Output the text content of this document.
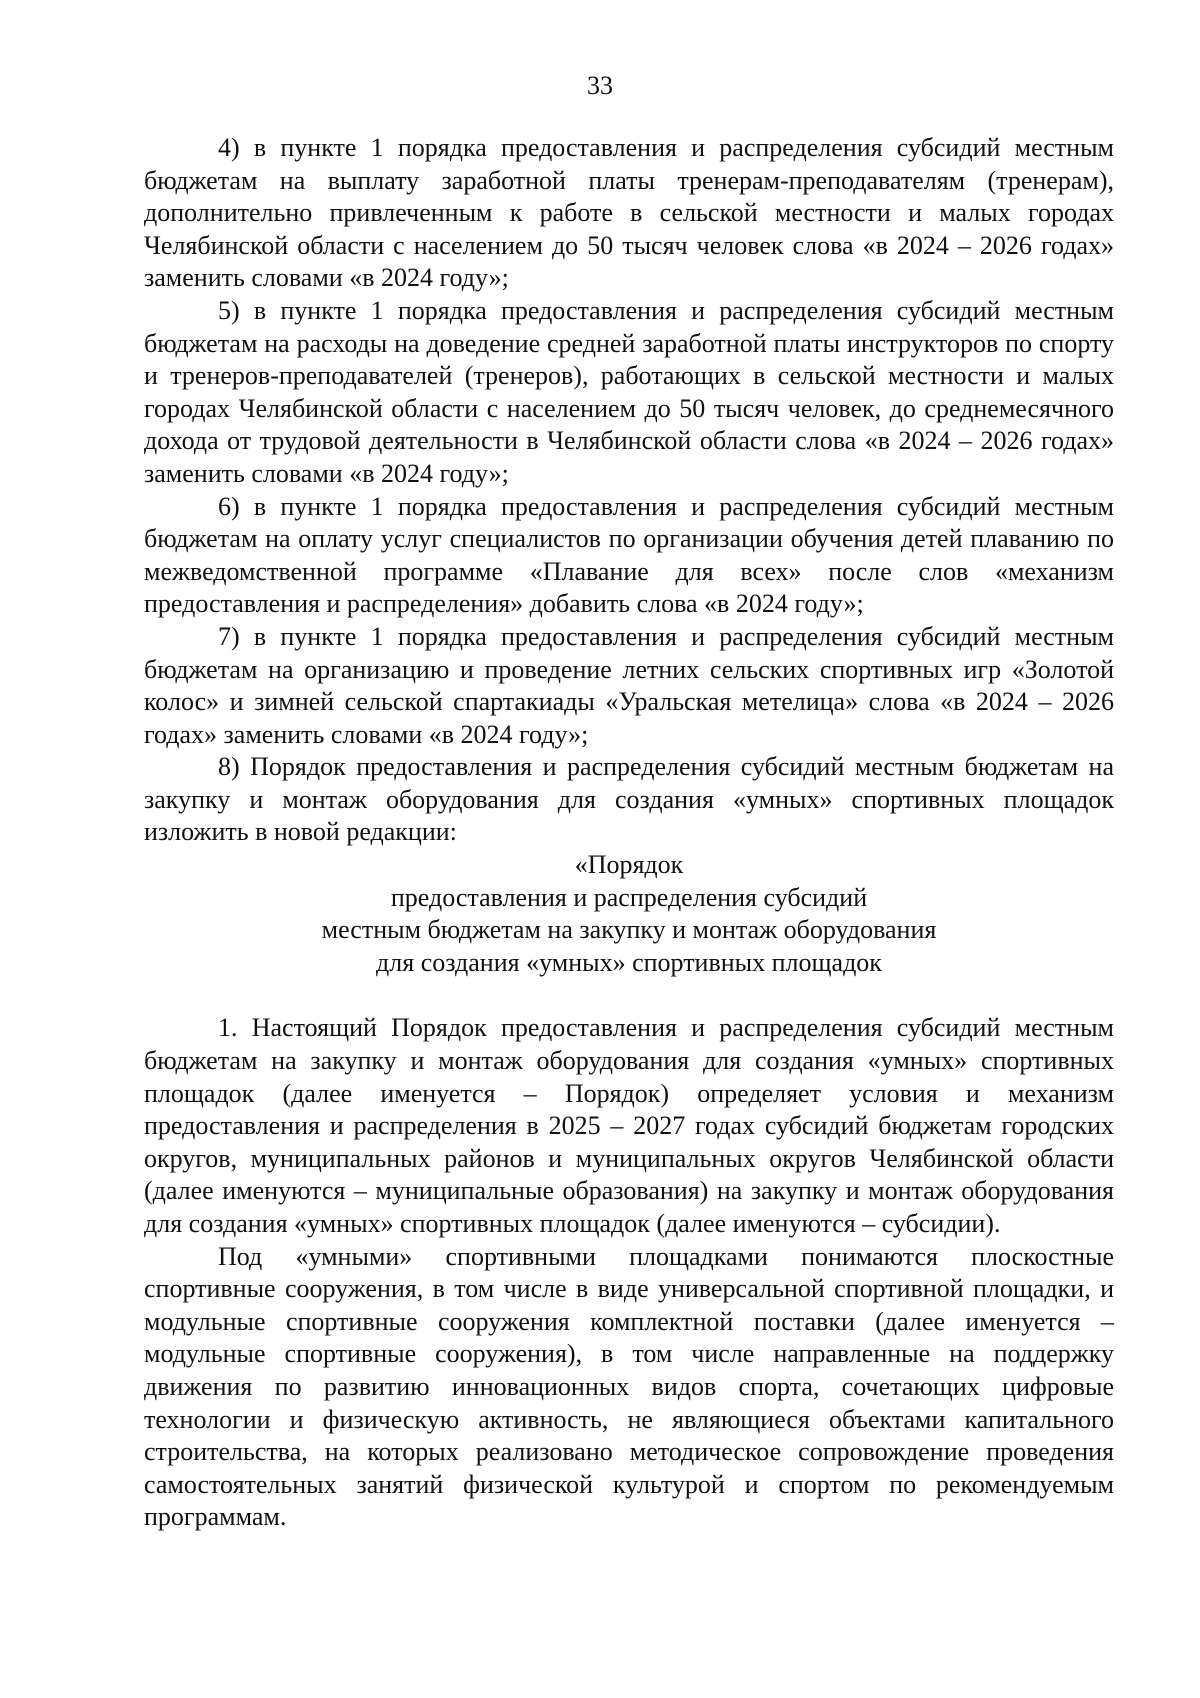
33

4) в пункте 1 порядка предоставления и распределения субсидий местным бюджетам на выплату заработной платы тренерам-преподавателям (тренерам), дополнительно привлеченным к работе в сельской местности и малых городах Челябинской области с населением до 50 тысяч человек слова «в 2024 – 2026 годах» заменить словами «в 2024 году»;

5) в пункте 1 порядка предоставления и распределения субсидий местным бюджетам на расходы на доведение средней заработной платы инструкторов по спорту и тренеров-преподавателей (тренеров), работающих в сельской местности и малых городах Челябинской области с населением до 50 тысяч человек, до среднемесячного дохода от трудовой деятельности в Челябинской области слова «в 2024 – 2026 годах» заменить словами «в 2024 году»;

6) в пункте 1 порядка предоставления и распределения субсидий местным бюджетам на оплату услуг специалистов по организации обучения детей плаванию по межведомственной программе «Плавание для всех» после слов «механизм предоставления и распределения» добавить слова «в 2024 году»;

7) в пункте 1 порядка предоставления и распределения субсидий местным бюджетам на организацию и проведение летних сельских спортивных игр «Золотой колос» и зимней сельской спартакиады «Уральская метелица» слова «в 2024 – 2026 годах» заменить словами «в 2024 году»;

8) Порядок предоставления и распределения субсидий местным бюджетам на закупку и монтаж оборудования для создания «умных» спортивных площадок изложить в новой редакции:

«Порядок
предоставления и распределения субсидий
местным бюджетам на закупку и монтаж оборудования
для создания «умных» спортивных площадок

1. Настоящий Порядок предоставления и распределения субсидий местным бюджетам на закупку и монтаж оборудования для создания «умных» спортивных площадок (далее именуется – Порядок) определяет условия и механизм предоставления и распределения в 2025 – 2027 годах субсидий бюджетам городских округов, муниципальных районов и муниципальных округов Челябинской области (далее именуются – муниципальные образования) на закупку и монтаж оборудования для создания «умных» спортивных площадок (далее именуются – субсидии).

Под «умными» спортивными площадками понимаются плоскостные спортивные сооружения, в том числе в виде универсальной спортивной площадки, и модульные спортивные сооружения комплектной поставки (далее именуется – модульные спортивные сооружения), в том числе направленные на поддержку движения по развитию инновационных видов спорта, сочетающих цифровые технологии и физическую активность, не являющиеся объектами капитального строительства, на которых реализовано методическое сопровождение проведения самостоятельных занятий физической культурой и спортом по рекомендуемым программам.
